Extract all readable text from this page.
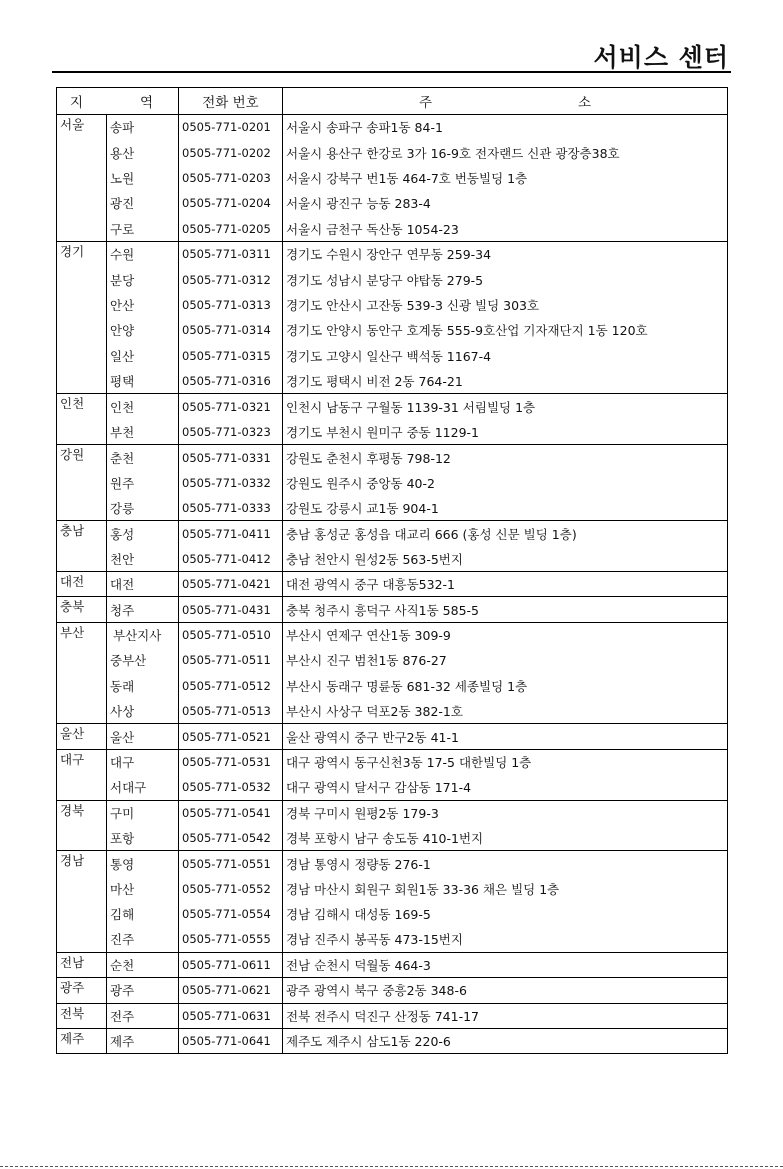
서비스 센터
지 역		전화 번호	주 소

서울	송파	0505-771-0201	서울시 송파구 송파1동 84-1
	용산	0505-771-0202	서울시 용산구 한강로 3가 16-9호 전자랜드 신관 광장층38호
	노원	0505-771-0203	서울시 강북구 번1동 464-7호 번동빌딩 1층
	광진	0505-771-0204	서울시 광진구 능동 283-4
	구로	0505-771-0205	서울시 금천구 독산동 1054-23
경기	수원	0505-771-0311	경기도 수원시 장안구 연무동 259-34
	분당	0505-771-0312	경기도 성남시 분당구 야탑동 279-5
	안산	0505-771-0313	경기도 안산시 고잔동 539-3 신광 빌딩 303호
	안양	0505-771-0314	경기도 안양시 동안구 호계동 555-9호산업 기자재단지 1동 120호
	일산	0505-771-0315	경기도 고양시 일산구 백석동 1167-4
	평택	0505-771-0316	경기도 평택시 비전 2동 764-21
인천	인천	0505-771-0321	인천시 남동구 구월동 1139-31 서림빌딩 1층
	부천	0505-771-0323	경기도 부천시 원미구 중동 1129-1
강원	춘천	0505-771-0331	강원도 춘천시 후평동 798-12
	원주	0505-771-0332	강원도 원주시 중앙동 40-2
	강릉	0505-771-0333	강원도 강릉시 교1동 904-1
충남	홍성	0505-771-0411	충남 홍성군 홍성읍 대교리 666 (홍성 신문 빌딩 1층)
	천안	0505-771-0412	충남 천안시 원성2동 563-5번지
대전	대전	0505-771-0421	대전 광역시 중구 대흥동532-1
충북	청주	0505-771-0431	충북 청주시 흥덕구 사직1동 585-5
부산	부산지사	0505-771-0510	부산시 연제구 연산1동 309-9
	중부산	0505-771-0511	부산시 진구 범천1동 876-27
	동래	0505-771-0512	부산시 동래구 명륜동 681-32 세종빌딩 1층
	사상	0505-771-0513	부산시 사상구 덕포2동 382-1호
울산	울산	0505-771-0521	울산 광역시 중구 반구2동 41-1
대구	대구	0505-771-0531	대구 광역시 동구신천3동 17-5 대한빌딩 1층
	서대구	0505-771-0532	대구 광역시 달서구 감삼동 171-4
경북	구미	0505-771-0541	경북 구미시 원평2동 179-3
	포항	0505-771-0542	경북 포항시 남구 송도동 410-1번지
경남	통영	0505-771-0551	경남 통영시 정량동 276-1
	마산	0505-771-0552	경남 마산시 회원구 회원1동 33-36 채은 빌딩 1층
	김해	0505-771-0554	경남 김해시 대성동 169-5
	진주	0505-771-0555	경남 진주시 봉곡동 473-15번지
전남	순천	0505-771-0611	전남 순천시 덕월동 464-3
광주	광주	0505-771-0621	광주 광역시 북구 중흥2동 348-6
전북	전주	0505-771-0631	전북 전주시 덕진구 산정동 741-17
제주	제주	0505-771-0641	제주도 제주시 삼도1동 220-6
